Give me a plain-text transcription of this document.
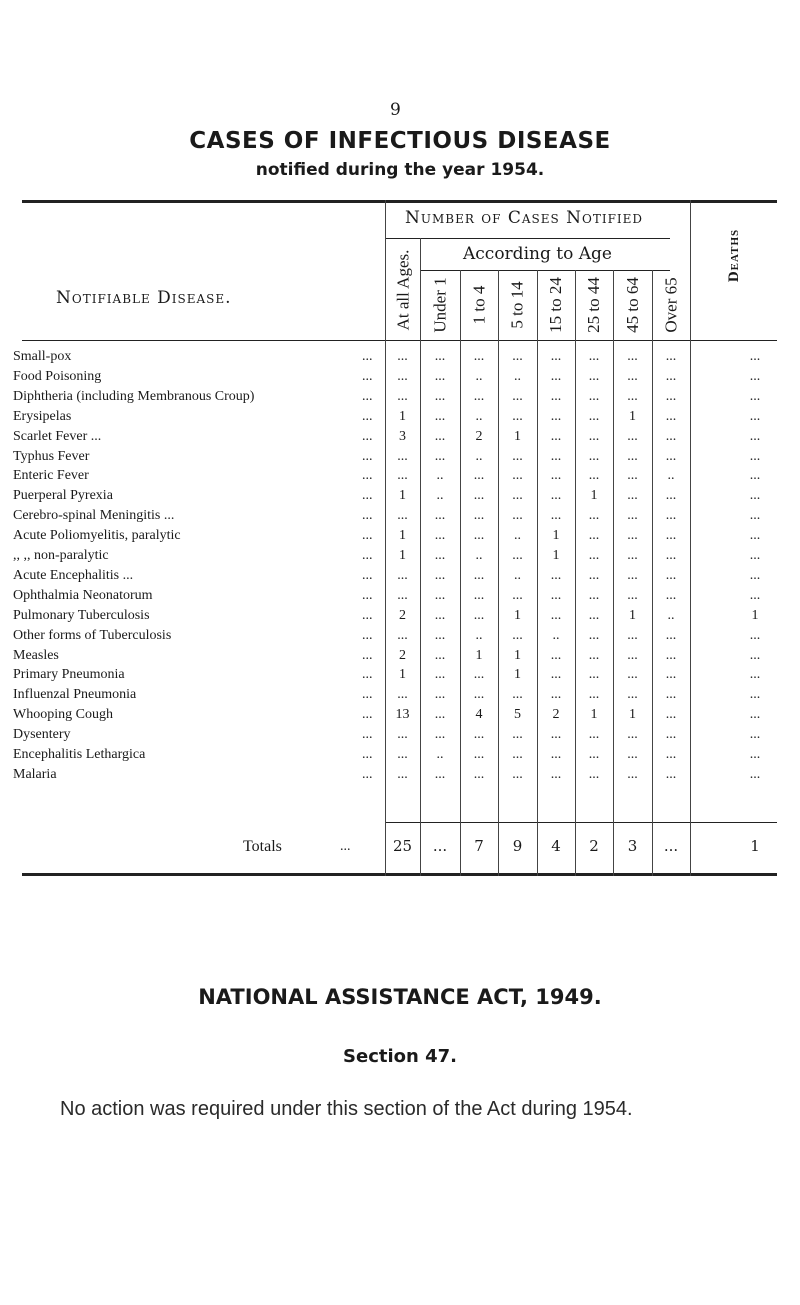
9
CASES OF INFECTIOUS DISEASE
notified during the year 1954.
Notifiable Disease.
Number of Cases Notified
According to Age
At all Ages. Under 1 1 to 4 5 to 14 15 to 24 25 to 44 45 to 64 Over 65
Deaths
Small-pox	...	...	...	...	...	...	...	...	...	...
Food Poisoning	...	...	...	..	..	...	...	...	...	...
Diphtheria (including Membranous Croup)	...	...	...	...	...	...	...	...	...	...
Erysipelas	...	1	...	..	...	...	...	1	...	...
Scarlet Fever ...	...	3	...	2	1	...	...	...	...	...
Typhus Fever	...	...	...	..	...	...	...	...	...	...
Enteric Fever	...	...	..	...	...	...	...	...	..	...
Puerperal Pyrexia	...	1	..	...	...	...	1	...	...	...
Cerebro-spinal Meningitis ...	...	...	...	...	...	...	...	...	...	...
Acute Poliomyelitis, paralytic	...	1	...	...	..	1	...	...	...	...
,, ,, non-paralytic	...	1	...	..	...	1	...	...	...	...
Acute Encephalitis ...	...	...	...	...	..	...	...	...	...	...
Ophthalmia Neonatorum	...	...	...	...	...	...	...	...	...	...
Pulmonary Tuberculosis	...	2	...	...	1	...	...	1	..	1
Other forms of Tuberculosis	...	...	...	..	...	..	...	...	...	...
Measles	...	2	...	1	1	...	...	...	...	...
Primary Pneumonia	...	1	...	...	1	...	...	...	...	...
Influenzal Pneumonia	...	...	...	...	...	...	...	...	...	...
Whooping Cough	...	13	...	4	5	2	1	1	...	...
Dysentery	...	...	...	...	...	...	...	...	...	...
Encephalitis Lethargica	...	...	..	...	...	...	...	...	...	...
Malaria	...	...	...	...	...	...	...	...	...	...
Totals	...	25	...	7	9	4	2	3	...	1
NATIONAL ASSISTANCE ACT, 1949.
Section 47.
No action was required under this section of the Act during 1954.
